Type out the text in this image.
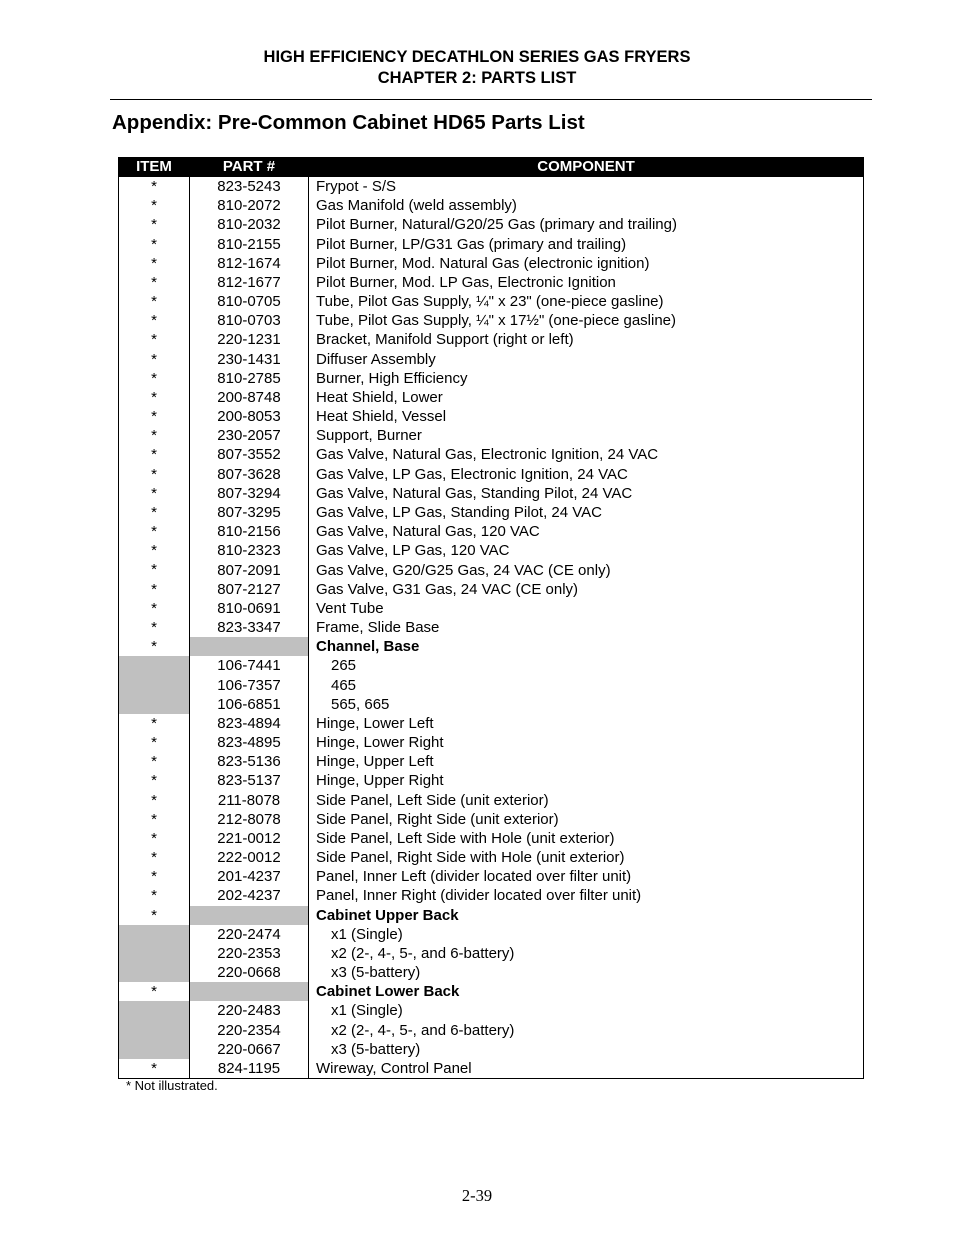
HIGH EFFICIENCY DECATHLON SERIES GAS FRYERS
CHAPTER 2: PARTS LIST
Appendix: Pre-Common Cabinet HD65 Parts List
ITEM	PART #	COMPONENT
*	823-5243	Frypot - S/S
*	810-2072	Gas Manifold (weld assembly)
*	810-2032	Pilot Burner, Natural/G20/25 Gas (primary and trailing)
*	810-2155	Pilot Burner, LP/G31 Gas (primary and trailing)
*	812-1674	Pilot Burner, Mod. Natural Gas (electronic ignition)
*	812-1677	Pilot Burner, Mod. LP Gas, Electronic Ignition
*	810-0705	Tube, Pilot Gas Supply, ¼" x 23" (one-piece gasline)
*	810-0703	Tube, Pilot Gas Supply, ¼" x 17½" (one-piece gasline)
*	220-1231	Bracket, Manifold Support (right or left)
*	230-1431	Diffuser Assembly
*	810-2785	Burner, High Efficiency
*	200-8748	Heat Shield, Lower
*	200-8053	Heat Shield, Vessel
*	230-2057	Support, Burner
*	807-3552	Gas Valve, Natural Gas, Electronic Ignition, 24 VAC
*	807-3628	Gas Valve, LP Gas, Electronic Ignition, 24 VAC
*	807-3294	Gas Valve, Natural Gas, Standing Pilot, 24 VAC
*	807-3295	Gas Valve, LP Gas, Standing Pilot, 24 VAC
*	810-2156	Gas Valve, Natural Gas, 120 VAC
*	810-2323	Gas Valve, LP Gas, 120 VAC
*	807-2091	Gas Valve, G20/G25 Gas, 24 VAC (CE only)
*	807-2127	Gas Valve, G31 Gas, 24 VAC (CE only)
*	810-0691	Vent Tube
*	823-3347	Frame, Slide Base
*		Channel, Base
	106-7441	265
	106-7357	465
	106-6851	565, 665
*	823-4894	Hinge, Lower Left
*	823-4895	Hinge, Lower Right
*	823-5136	Hinge, Upper Left
*	823-5137	Hinge, Upper Right
*	211-8078	Side Panel, Left Side (unit exterior)
*	212-8078	Side Panel, Right Side (unit exterior)
*	221-0012	Side Panel, Left Side with Hole (unit exterior)
*	222-0012	Side Panel, Right Side with Hole (unit exterior)
*	201-4237	Panel, Inner Left (divider located over filter unit)
*	202-4237	Panel, Inner Right (divider located over filter unit)
*		Cabinet Upper Back
	220-2474	x1 (Single)
	220-2353	x2 (2-, 4-, 5-, and 6-battery)
	220-0668	x3 (5-battery)
*		Cabinet Lower Back
	220-2483	x1 (Single)
	220-2354	x2 (2-, 4-, 5-, and 6-battery)
	220-0667	x3 (5-battery)
*	824-1195	Wireway, Control Panel
* Not illustrated.
2-39
